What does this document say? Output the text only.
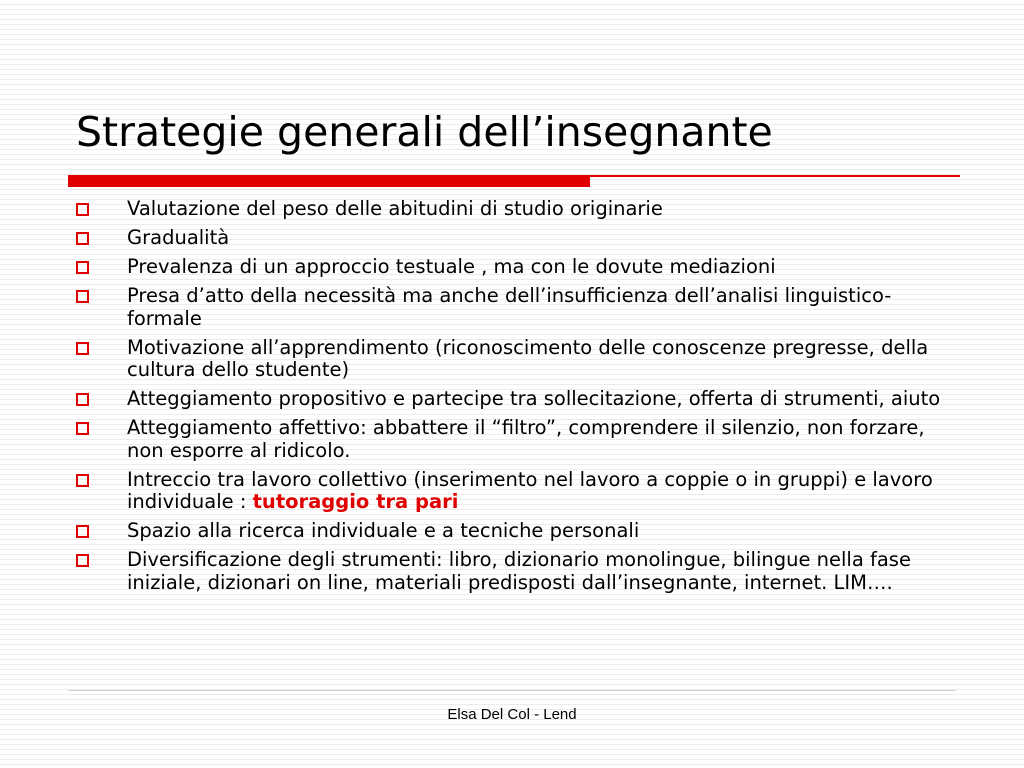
Strategie generali dell’insegnante
Valutazione del peso delle abitudini di studio originarie
Gradualità
Prevalenza di un approccio testuale , ma con le dovute mediazioni
Presa d’atto della necessità ma anche dell’insufficienza dell’analisi linguistico-formale
Motivazione all’apprendimento (riconoscimento delle conoscenze pregresse, della cultura dello studente)
Atteggiamento propositivo e partecipe tra sollecitazione, offerta di strumenti, aiuto
Atteggiamento affettivo: abbattere il “filtro”, comprendere il silenzio, non forzare, non esporre al ridicolo.
Intreccio tra lavoro collettivo (inserimento nel lavoro a coppie o in gruppi) e lavoro individuale : tutoraggio tra pari
Spazio alla ricerca individuale e a tecniche personali
Diversificazione degli strumenti: libro, dizionario monolingue, bilingue nella fase iniziale, dizionari on line, materiali predisposti dall’insegnante, internet. LIM….
Elsa Del Col - Lend
